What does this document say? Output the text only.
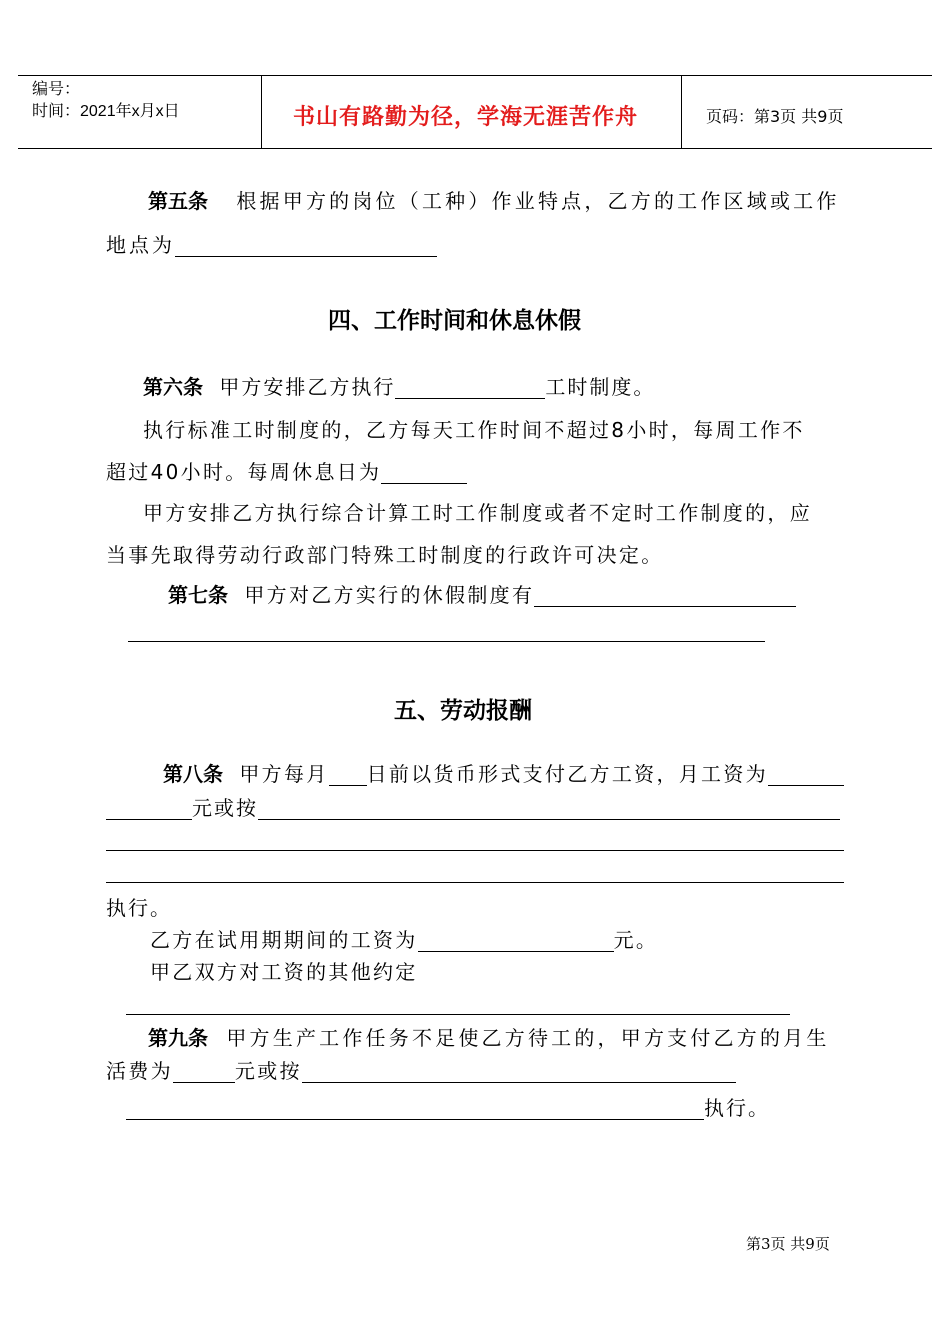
编号：
时间：2021年x月x日	书山有路勤为径，学海无涯苦作舟	页码：第3页 共9页
第五条 根据甲方的岗位（工种）作业特点，乙方的工作区域或工作
地点为
四、工作时间和休息休假
第六条 甲方安排乙方执行	工时制度。
执行标准工时制度的，乙方每天工作时间不超过8小时，每周工作不
超过40小时。每周休息日为
甲方安排乙方执行综合计算工时工作制度或者不定时工作制度的，应
当事先取得劳动行政部门特殊工时制度的行政许可决定。
第七条 甲方对乙方实行的休假制度有
五、劳动报酬
第八条 甲方每月 日前以货币形式支付乙方工资，月工资为
元或按
执行。
乙方在试用期期间的工资为	元。
甲乙双方对工资的其他约定
第九条 甲方生产工作任务不足使乙方待工的，甲方支付乙方的月生
活费为	元或按
执行。
第3页 共9页
